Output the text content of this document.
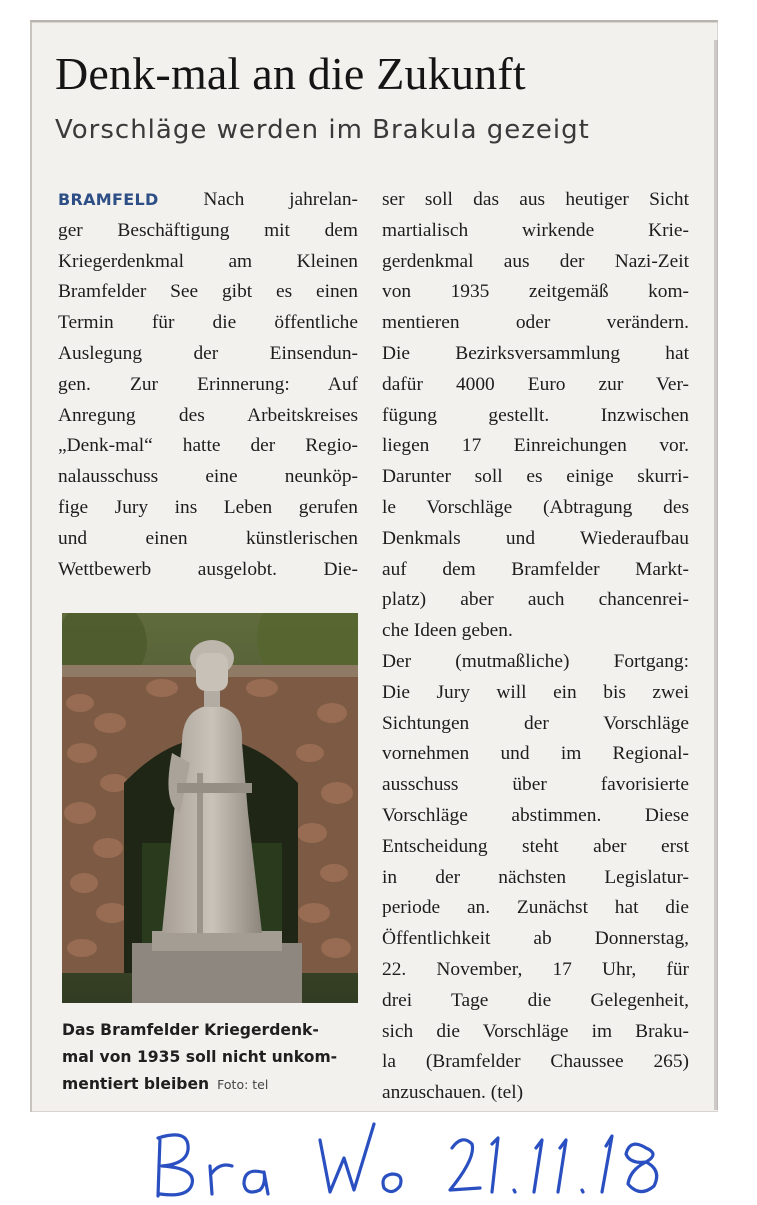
Denk-mal an die Zukunft
Vorschläge werden im Brakula gezeigt
BRAMFELD Nach jahrelan-
ger Beschäftigung mit dem
Kriegerdenkmal am Kleinen
Bramfelder See gibt es einen
Termin für die öffentliche
Auslegung der Einsendun-
gen. Zur Erinnerung: Auf
Anregung des Arbeitskreises
„Denk-mal“ hatte der Regio-
nalausschuss eine neunköp-
fige Jury ins Leben gerufen
und einen künstlerischen
Wettbewerb ausgelobt. Die-
ser soll das aus heutiger Sicht
martialisch wirkende Krie-
gerdenkmal aus der Nazi-Zeit
von 1935 zeitgemäß kom-
mentieren oder verändern.
Die Bezirksversammlung hat
dafür 4000 Euro zur Ver-
fügung gestellt. Inzwischen
liegen 17 Einreichungen vor.
Darunter soll es einige skurri-
le Vorschläge (Abtragung des
Denkmals und Wiederaufbau
auf dem Bramfelder Markt-
platz) aber auch chancenrei-
che Ideen geben.
Der (mutmaßliche) Fortgang:
Die Jury will ein bis zwei
Sichtungen der Vorschläge
vornehmen und im Regional-
ausschuss über favorisierte
Vorschläge abstimmen. Diese
Entscheidung steht aber erst
in der nächsten Legislatur-
periode an. Zunächst hat die
Öffentlichkeit ab Donnerstag,
22. November, 17 Uhr, für
drei Tage die Gelegenheit,
sich die Vorschläge im Braku-
la (Bramfelder Chaussee 265)
anzuschauen. (tel)
Das Bramfelder Kriegerdenk-
mal von 1935 soll nicht unkom-
mentiert bleiben Foto: tel
